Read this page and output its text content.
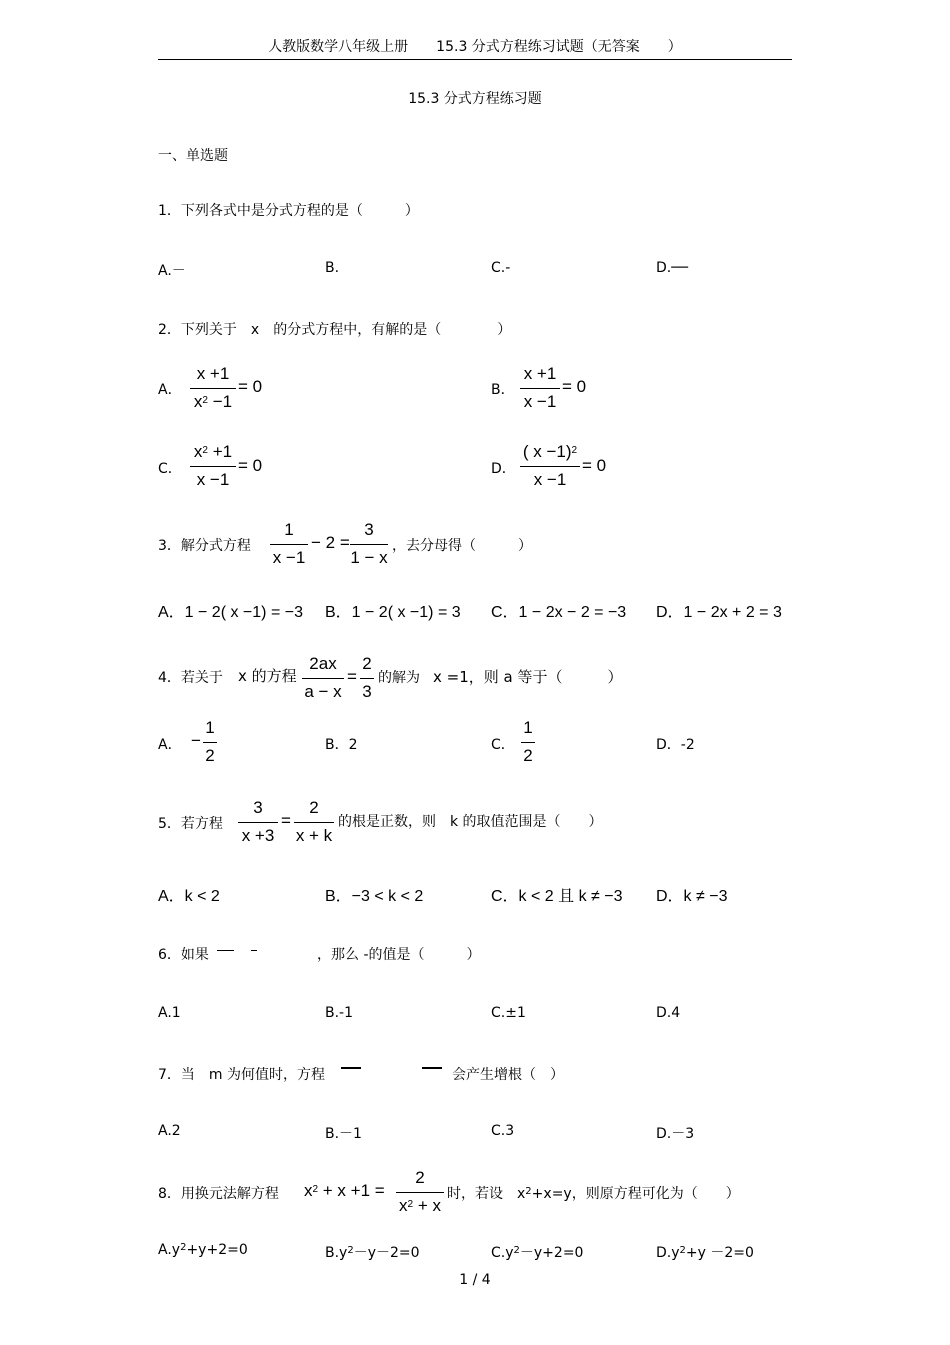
人教版数学八年级上册　　15.3 分式方程练习试题（无答案　　）
15.3 分式方程练习题
一、单选题
1．下列各式中是分式方程的是（　　　）
A.－	B.	C.-	D.──
2．下列关于　x　的分式方程中，有解的是（　　　　）
A．
x +1
$x^2 -1$
= 0	B．
x +1
x −1
= 0
C．
$x^2 +1$
x −1
= 0	D．
( x −1)$^2$
x −1
= 0
3．解分式方程
1
x −1
− 2 =
3
1 − x
，去分母得（　　　）
A．1 − 2( x −1) = −3 B．1 − 2( x −1) = 3 C．1 − 2x − 2 = −3 D．1 − 2x + 2 = 3
4．若关于 x 的方程
2ax
a − x
=
2
3
的解为 x =1，则 a 等于（　　　）
A． −
1
2
B．2	C．
1
2
D．-2
5．若方程
3
x +3
=
2
x + k
的根是正数，则　k 的取值范围是（　　）
A．k < 2	B．−3 < k < 2	C．k < 2 且 k ≠ −3 D．k ≠ −3
6．如果	，那么 -的值是（　　　）
A.1	B.-1	C.±1	D.4
7．当　m 为何值时，方程	会产生增根（　）
A.2	B.－1	C.3	D.－3
8．用换元法解方程 $x^2 + x +1$ =
2
$x^2 + x$
时，若设　$x^2+x=y$，则原方程可化为（　　）
$A.y^2+y+2=0$	$B.y^2-y-2=0$	$C.y^2-y+2=0$	$D.y^2+y -2=0$
1 / 4
